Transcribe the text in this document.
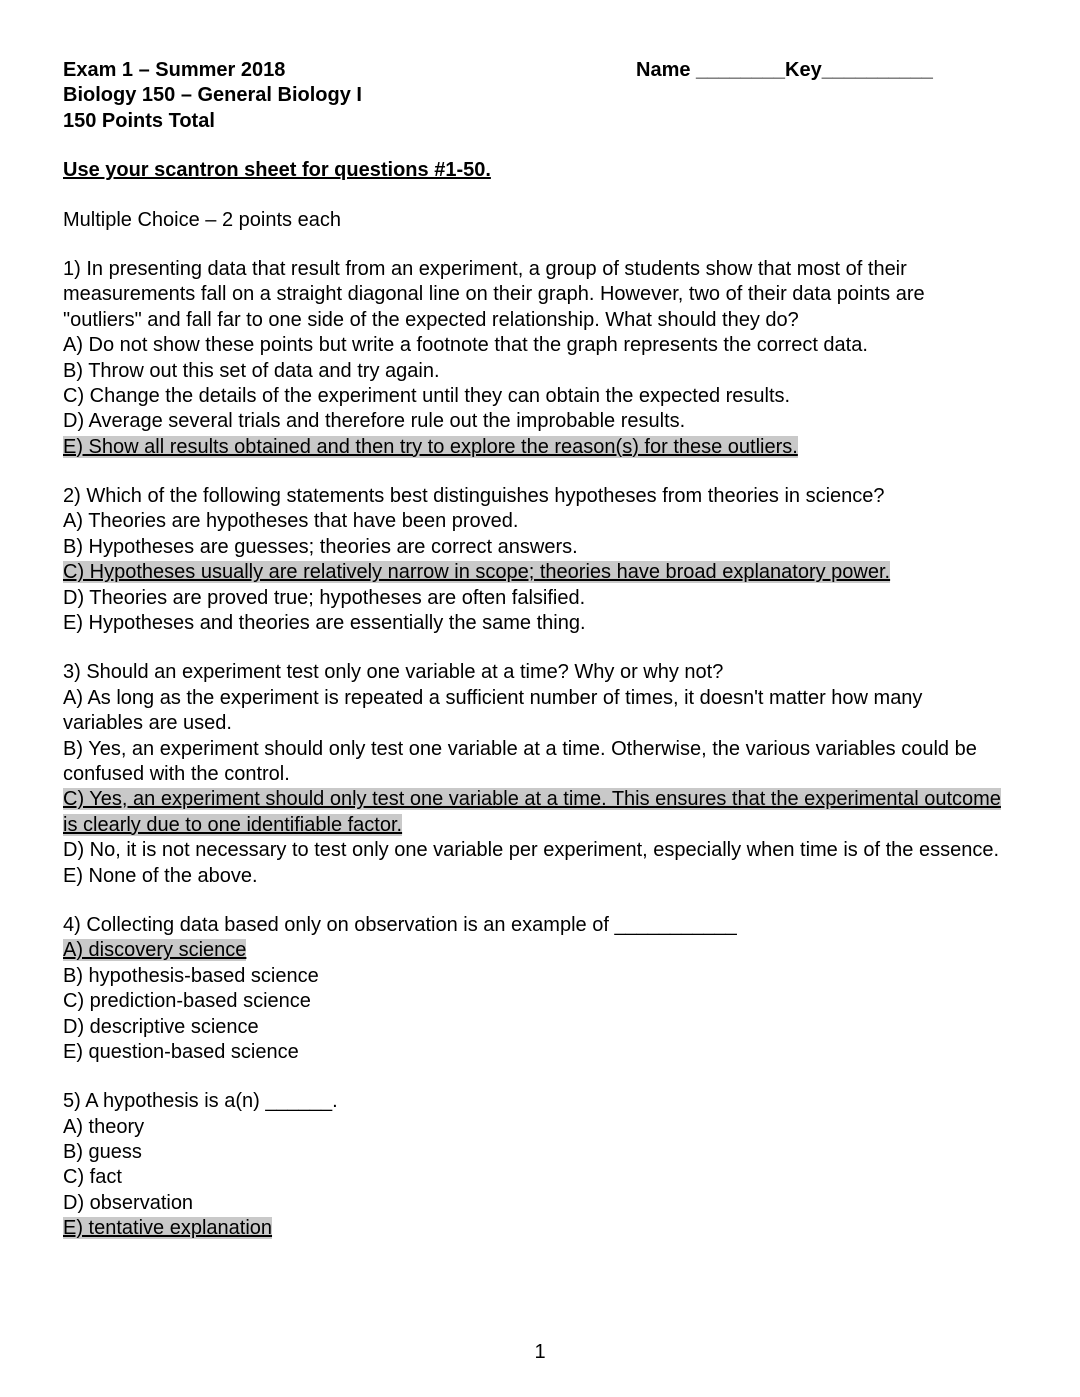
Exam 1 – Summer 2018
Biology 150 – General Biology I
150 Points Total
Name ________Key__________
Use your scantron sheet for questions #1-50.
Multiple Choice – 2 points each
1) In presenting data that result from an experiment, a group of students show that most of their measurements fall on a straight diagonal line on their graph. However, two of their data points are "outliers" and fall far to one side of the expected relationship. What should they do?
A) Do not show these points but write a footnote that the graph represents the correct data.
B) Throw out this set of data and try again.
C) Change the details of the experiment until they can obtain the expected results.
D) Average several trials and therefore rule out the improbable results.
E) Show all results obtained and then try to explore the reason(s) for these outliers.
2) Which of the following statements best distinguishes hypotheses from theories in science?
A) Theories are hypotheses that have been proved.
B) Hypotheses are guesses; theories are correct answers.
C) Hypotheses usually are relatively narrow in scope; theories have broad explanatory power.
D) Theories are proved true; hypotheses are often falsified.
E) Hypotheses and theories are essentially the same thing.
3) Should an experiment test only one variable at a time? Why or why not?
A) As long as the experiment is repeated a sufficient number of times, it doesn't matter how many variables are used.
B) Yes, an experiment should only test one variable at a time. Otherwise, the various variables could be confused with the control.
C) Yes, an experiment should only test one variable at a time. This ensures that the experimental outcome is clearly due to one identifiable factor.
D) No, it is not necessary to test only one variable per experiment, especially when time is of the essence.
E) None of the above.
4) Collecting data based only on observation is an example of ___________
A) discovery science
B) hypothesis-based science
C) prediction-based science
D) descriptive science
E) question-based science
5) A hypothesis is a(n) ______.
A) theory
B) guess
C) fact
D) observation
E) tentative explanation
1
